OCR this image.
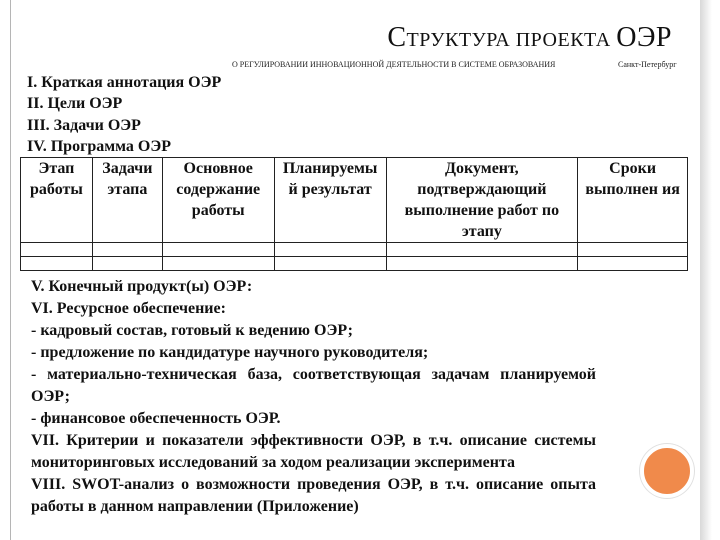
СТРУКТУРА ПРОЕКТА ОЭР
О РЕГУЛИРОВАНИИ ИННОВАЦИОННОЙ ДЕЯТЕЛЬНОСТИ В СИСТЕМЕ ОБРАЗОВАНИЯ	Санкт-Петербург
I. Краткая аннотация ОЭР
II. Цели ОЭР
III. Задачи ОЭР
IV. Программа ОЭР
Этап работы	Задачи этапа	Основное содержание работы	Планируемы й результат	Документ, подтверждающий выполнение работ по этапу	Сроки выполнен ия

V. Конечный продукт(ы) ОЭР:

VI. Ресурсное обеспечение:

- кадровый состав, готовый к ведению ОЭР;

- предложение по кандидатуре научного руководителя;

- материально-техническая база, соответствующая задачам планируемой ОЭР;

- финансовое обеспеченность ОЭР.

VII. Критерии и показатели эффективности ОЭР, в т.ч. описание системы мониторинговых исследований за ходом реализации эксперимента

VIII. SWOT-анализ о возможности проведения ОЭР, в т.ч. описание опыта работы в данном направлении (Приложение)
